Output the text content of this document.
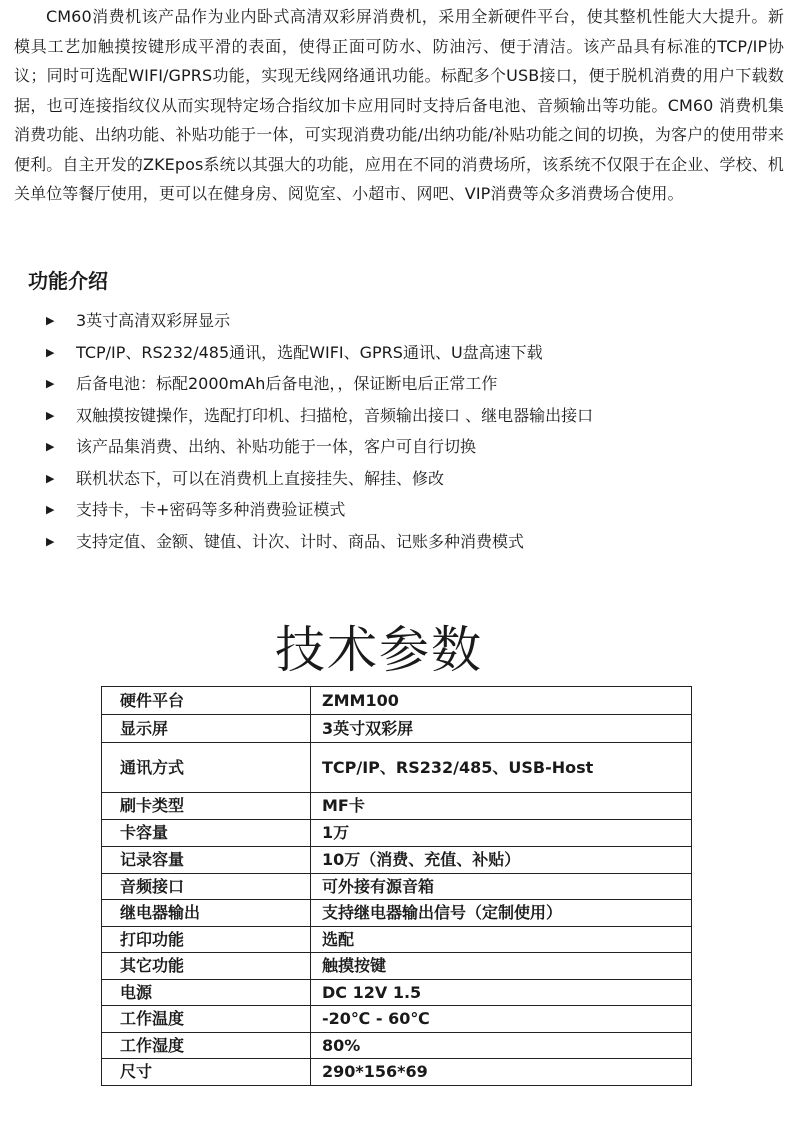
CM60消费机该产品作为业内卧式高清双彩屏消费机，采用全新硬件平台，使其整机性能大大提升。新模具工艺加触摸按键形成平滑的表面，使得正面可防水、防油污、便于清洁。该产品具有标准的TCP/IP协议；同时可选配WIFI/GPRS功能，实现无线网络通讯功能。标配多个USB接口，便于脱机消费的用户下载数据，也可连接指纹仪从而实现特定场合指纹加卡应用同时支持后备电池、音频输出等功能。CM60 消费机集消费功能、出纳功能、补贴功能于一体，可实现消费功能/出纳功能/补贴功能之间的切换，为客户的使用带来便利。自主开发的ZKEpos系统以其强大的功能，应用在不同的消费场所，该系统不仅限于在企业、学校、机关单位等餐厅使用，更可以在健身房、阅览室、小超市、网吧、VIP消费等众多消费场合使用。

功能介绍
▶	3英寸高清双彩屏显示
▶	TCP/IP、RS232/485通讯，选配WIFI、GPRS通讯、U盘高速下载
▶	后备电池：标配2000mAh后备电池，，保证断电后正常工作
▶	双触摸按键操作，选配打印机、扫描枪，音频输出接口 、继电器输出接口
▶	该产品集消费、出纳、补贴功能于一体，客户可自行切换
▶	联机状态下，可以在消费机上直接挂失、解挂、修改
▶	支持卡，卡+密码等多种消费验证模式
▶	支持定值、金额、键值、计次、计时、商品、记账多种消费模式
技术参数
硬件平台	ZMM100
显示屏	3英寸双彩屏
通讯方式	TCP/IP、RS232/485、USB-Host
刷卡类型	MF卡
卡容量	1万
记录容量	10万（消费、充值、补贴）
音频接口	可外接有源音箱
继电器输出	支持继电器输出信号（定制使用）
打印功能	选配
其它功能	触摸按键
电源	DC 12V 1.5
工作温度	-20℃ - 60℃
工作湿度	80%
尺寸	290*156*69
